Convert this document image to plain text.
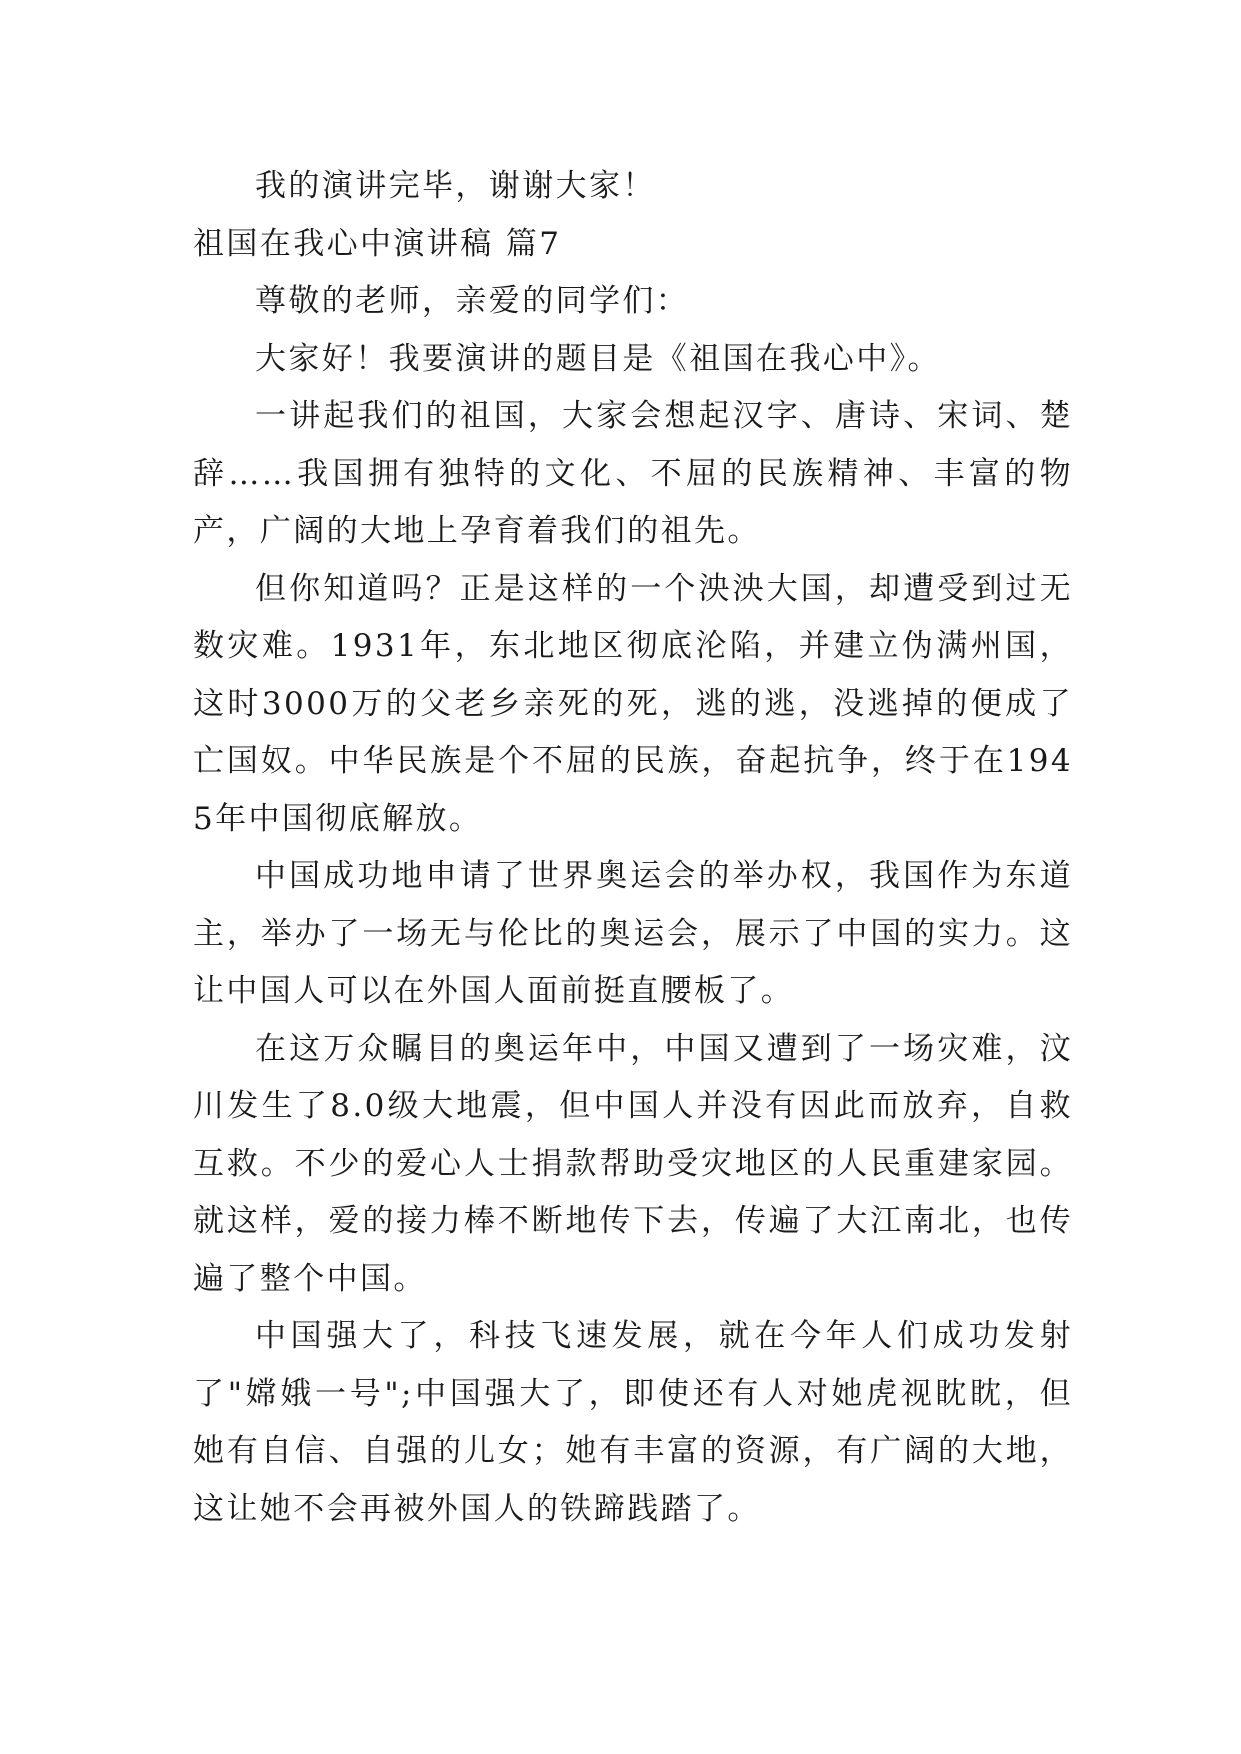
我的演讲完毕，谢谢大家！

祖国在我心中演讲稿 篇7

尊敬的老师，亲爱的同学们：

大家好！我要演讲的题目是《祖国在我心中》。

一讲起我们的祖国，大家会想起汉字、唐诗、宋词、楚辞……我国拥有独特的文化、不屈的民族精神、丰富的物产，广阔的大地上孕育着我们的祖先。

但你知道吗？正是这样的一个泱泱大国，却遭受到过无数灾难。1931年，东北地区彻底沦陷，并建立伪满州国，这时3000万的父老乡亲死的死，逃的逃，没逃掉的便成了亡国奴。中华民族是个不屈的民族，奋起抗争，终于在1945年中国彻底解放。

中国成功地申请了世界奥运会的举办权，我国作为东道主，举办了一场无与伦比的奥运会，展示了中国的实力。这让中国人可以在外国人面前挺直腰板了。

在这万众瞩目的奥运年中，中国又遭到了一场灾难，汶川发生了8.0级大地震，但中国人并没有因此而放弃，自救互救。不少的爱心人士捐款帮助受灾地区的人民重建家园。就这样，爱的接力棒不断地传下去，传遍了大江南北，也传遍了整个中国。

中国强大了，科技飞速发展，就在今年人们成功发射了"嫦娥一号";中国强大了，即使还有人对她虎视眈眈，但她有自信、自强的儿女；她有丰富的资源，有广阔的大地，这让她不会再被外国人的铁蹄践踏了。
